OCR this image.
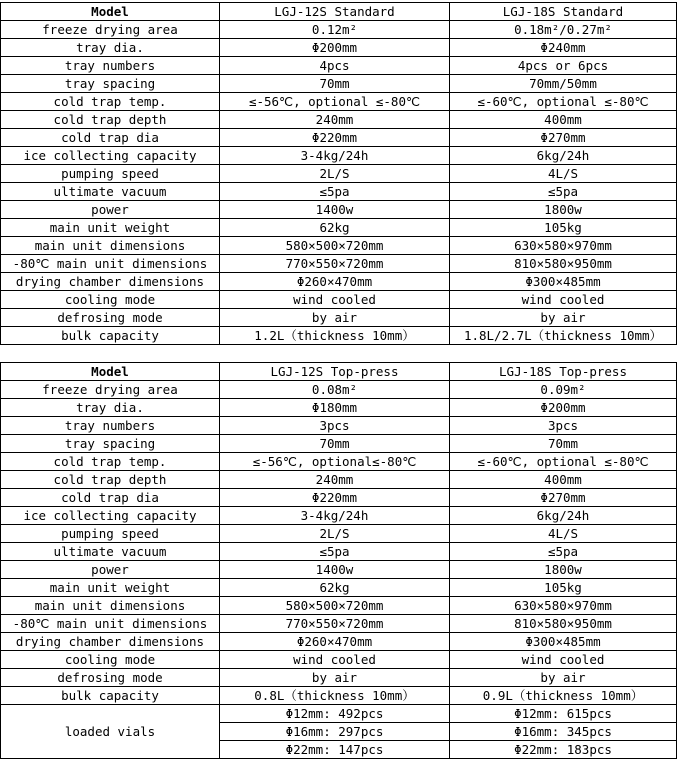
Model	LGJ-12S Standard	LGJ-18S Standard
freeze drying area	0.12m²	0.18m²/0.27m²
tray dia.	Φ200mm	Φ240mm
tray numbers	4pcs	4pcs or 6pcs
tray spacing	70mm	70mm/50mm
cold trap temp.	≤-56℃, optional ≤-80℃	≤-60℃, optional ≤-80℃
cold trap depth	240mm	400mm
cold trap dia	Φ220mm	Φ270mm
ice collecting capacity	3-4kg/24h	6kg/24h
pumping speed	2L/S	4L/S
ultimate vacuum	≤5pa	≤5pa
power	1400w	1800w
main unit weight	62kg	105kg
main unit dimensions	580×500×720mm	630×580×970mm
-80℃ main unit dimensions	770×550×720mm	810×580×950mm
drying chamber dimensions	Φ260×470mm	Φ300×485mm
cooling mode	wind cooled	wind cooled
defrosing mode	by air	by air
bulk capacity	1.2L（thickness 10mm）	1.8L/2.7L（thickness 10mm）
Model	LGJ-12S Top-press	LGJ-18S Top-press
freeze drying area	0.08m²	0.09m²
tray dia.	Φ180mm	Φ200mm
tray numbers	3pcs	3pcs
tray spacing	70mm	70mm
cold trap temp.	≤-56℃, optional≤-80℃	≤-60℃, optional ≤-80℃
cold trap depth	240mm	400mm
cold trap dia	Φ220mm	Φ270mm
ice collecting capacity	3-4kg/24h	6kg/24h
pumping speed	2L/S	4L/S
ultimate vacuum	≤5pa	≤5pa
power	1400w	1800w
main unit weight	62kg	105kg
main unit dimensions	580×500×720mm	630×580×970mm
-80℃ main unit dimensions	770×550×720mm	810×580×950mm
drying chamber dimensions	Φ260×470mm	Φ300×485mm
cooling mode	wind cooled	wind cooled
defrosing mode	by air	by air
bulk capacity	0.8L（thickness 10mm）	0.9L（thickness 10mm）
loaded vials	Φ12mm: 492pcs	Φ12mm: 615pcs
	Φ16mm: 297pcs	Φ16mm: 345pcs
	Φ22mm: 147pcs	Φ22mm: 183pcs
